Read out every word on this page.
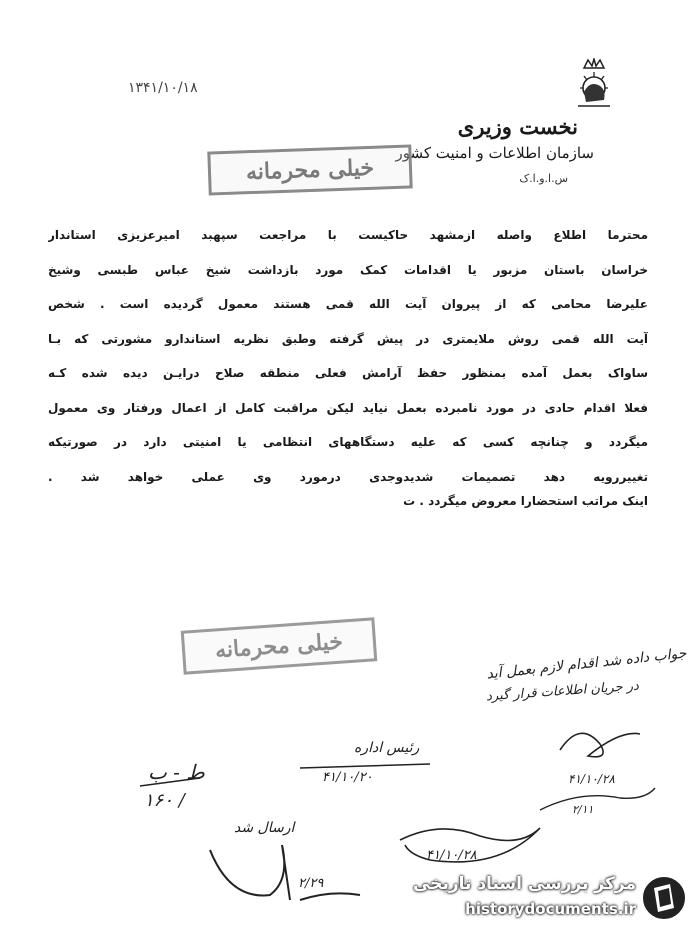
۱۳۴۱/۱۰/۱۸
نخست وزیری
سازمان اطلاعات و امنیت کشور
س.ا.و.ا.ک
خیلی محرمانه

محترما اطلاع واصله ازمشهد حاکیست با مراجعت سپهبد امیرعزیزی استاندار

خراسان باستان مزبور یا اقدامات کمک مورد بازداشت شیخ عباس طبسی وشیخ

علیرضا محامی که از پیروان آیت الله قمی هستند معمول گردیده است . شخص

آیت الله قمی روش ملایمتری در پیش گرفته وطبق نظریه استاندارو مشورتی که بـا

ساواک بعمل آمده بمنظور حفظ آرامش فعلی منطقه صلاح درایـن دیده شده کـه

فعلا اقدام حادی در مورد نامبرده بعمل نیاید لیکن مراقبت کامل از اعمال ورفتار وی معمول

میگردد و چنانچه کسی که علیه دستگاههای انتظامی یا امنیتی دارد در صورتیکه

تغییررویه دهد تصمیمات شدیدوجدی درمورد وی عملی خواهد شد .

اینک مراتب استحضارا معروض میگردد . ت
خیلی محرمانه	جواب داده شد اقدام لازم بعمل آید
در جریان اطلاعات قرار گیرد
رئیس اداره
۴۱/۱۰/۲۰
ط - ب
۱۶۰ /
۴۱/۱۰/۲۸
۲/۱۱
ارسال شد
۴۱/۱۰/۲۸
۲/۲۹	مرکز بررسی اسناد تاریخی
historydocuments.ir
